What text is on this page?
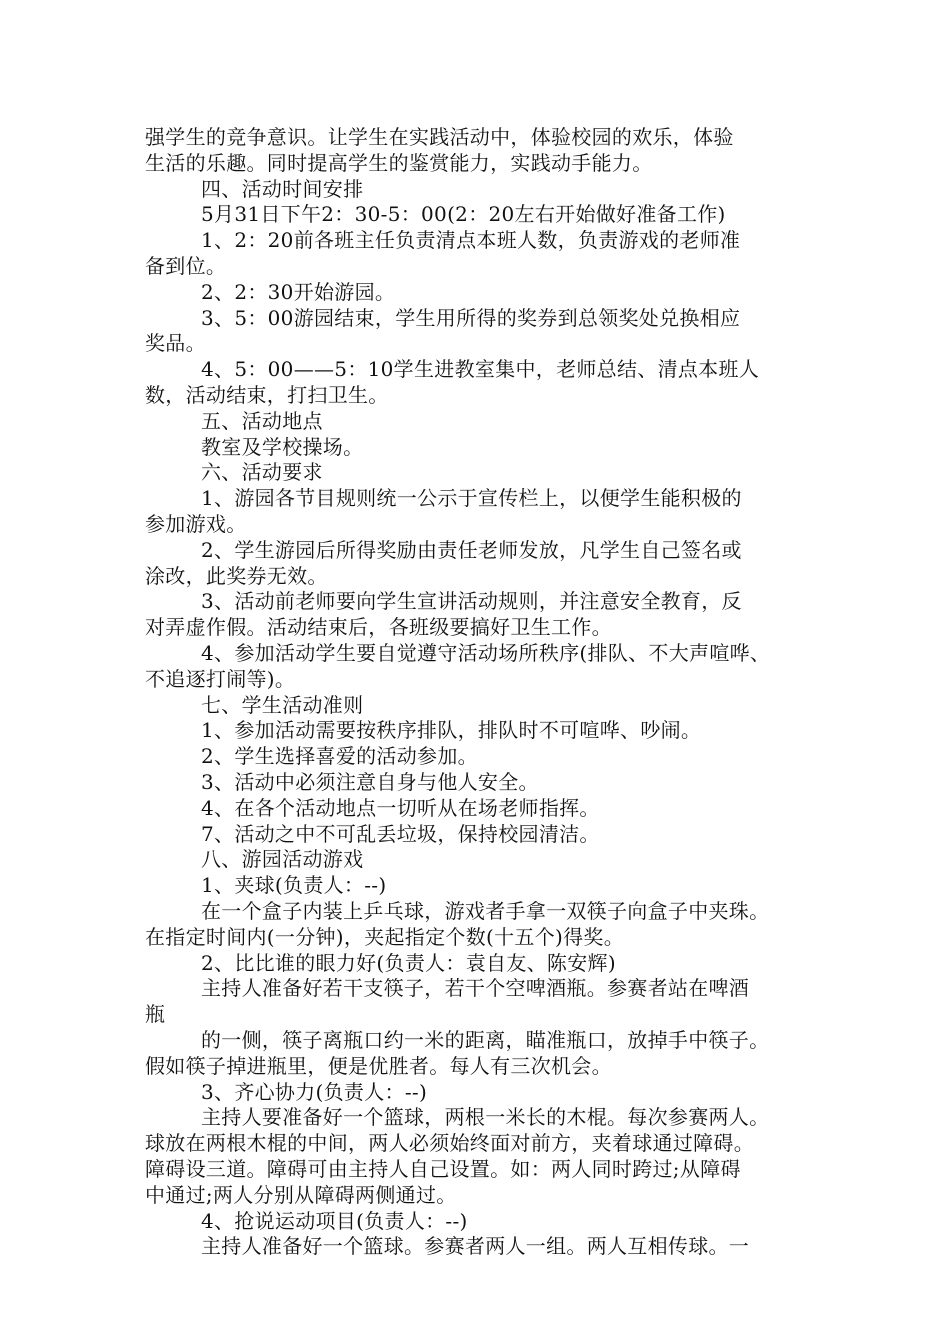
强学生的竞争意识。让学生在实践活动中，体验校园的欢乐，体验
生活的乐趣。同时提高学生的鉴赏能力，实践动手能力。
四、活动时间安排
5月31日下午2：30-5：00(2：20左右开始做好准备工作)
1、2：20前各班主任负责清点本班人数，负责游戏的老师准
备到位。
2、2：30开始游园。
3、5：00游园结束，学生用所得的奖券到总领奖处兑换相应
奖品。
4、5：00——5：10学生进教室集中，老师总结、清点本班人
数，活动结束，打扫卫生。
五、活动地点
教室及学校操场。
六、活动要求
1、游园各节目规则统一公示于宣传栏上，以便学生能积极的
参加游戏。
2、学生游园后所得奖励由责任老师发放，凡学生自己签名或
涂改，此奖券无效。
3、活动前老师要向学生宣讲活动规则，并注意安全教育，反
对弄虚作假。活动结束后，各班级要搞好卫生工作。
4、参加活动学生要自觉遵守活动场所秩序(排队、不大声喧哗、
不追逐打闹等)。
七、学生活动准则
1、参加活动需要按秩序排队，排队时不可喧哗、吵闹。
2、学生选择喜爱的活动参加。
3、活动中必须注意自身与他人安全。
4、在各个活动地点一切听从在场老师指挥。
7、活动之中不可乱丢垃圾，保持校园清洁。
八、游园活动游戏
1、夹球(负责人：--)
在一个盒子内装上乒乓球，游戏者手拿一双筷子向盒子中夹珠。
在指定时间内(一分钟)，夹起指定个数(十五个)得奖。
2、比比谁的眼力好(负责人：袁自友、陈安辉)
主持人准备好若干支筷子，若干个空啤酒瓶。参赛者站在啤酒
瓶
的一侧，筷子离瓶口约一米的距离，瞄准瓶口，放掉手中筷子。
假如筷子掉进瓶里，便是优胜者。每人有三次机会。
3、齐心协力(负责人：--)
主持人要准备好一个篮球，两根一米长的木棍。每次参赛两人。
球放在两根木棍的中间，两人必须始终面对前方，夹着球通过障碍。
障碍设三道。障碍可由主持人自己设置。如：两人同时跨过;从障碍
中通过;两人分别从障碍两侧通过。
4、抢说运动项目(负责人：--)
主持人准备好一个篮球。参赛者两人一组。两人互相传球。一
